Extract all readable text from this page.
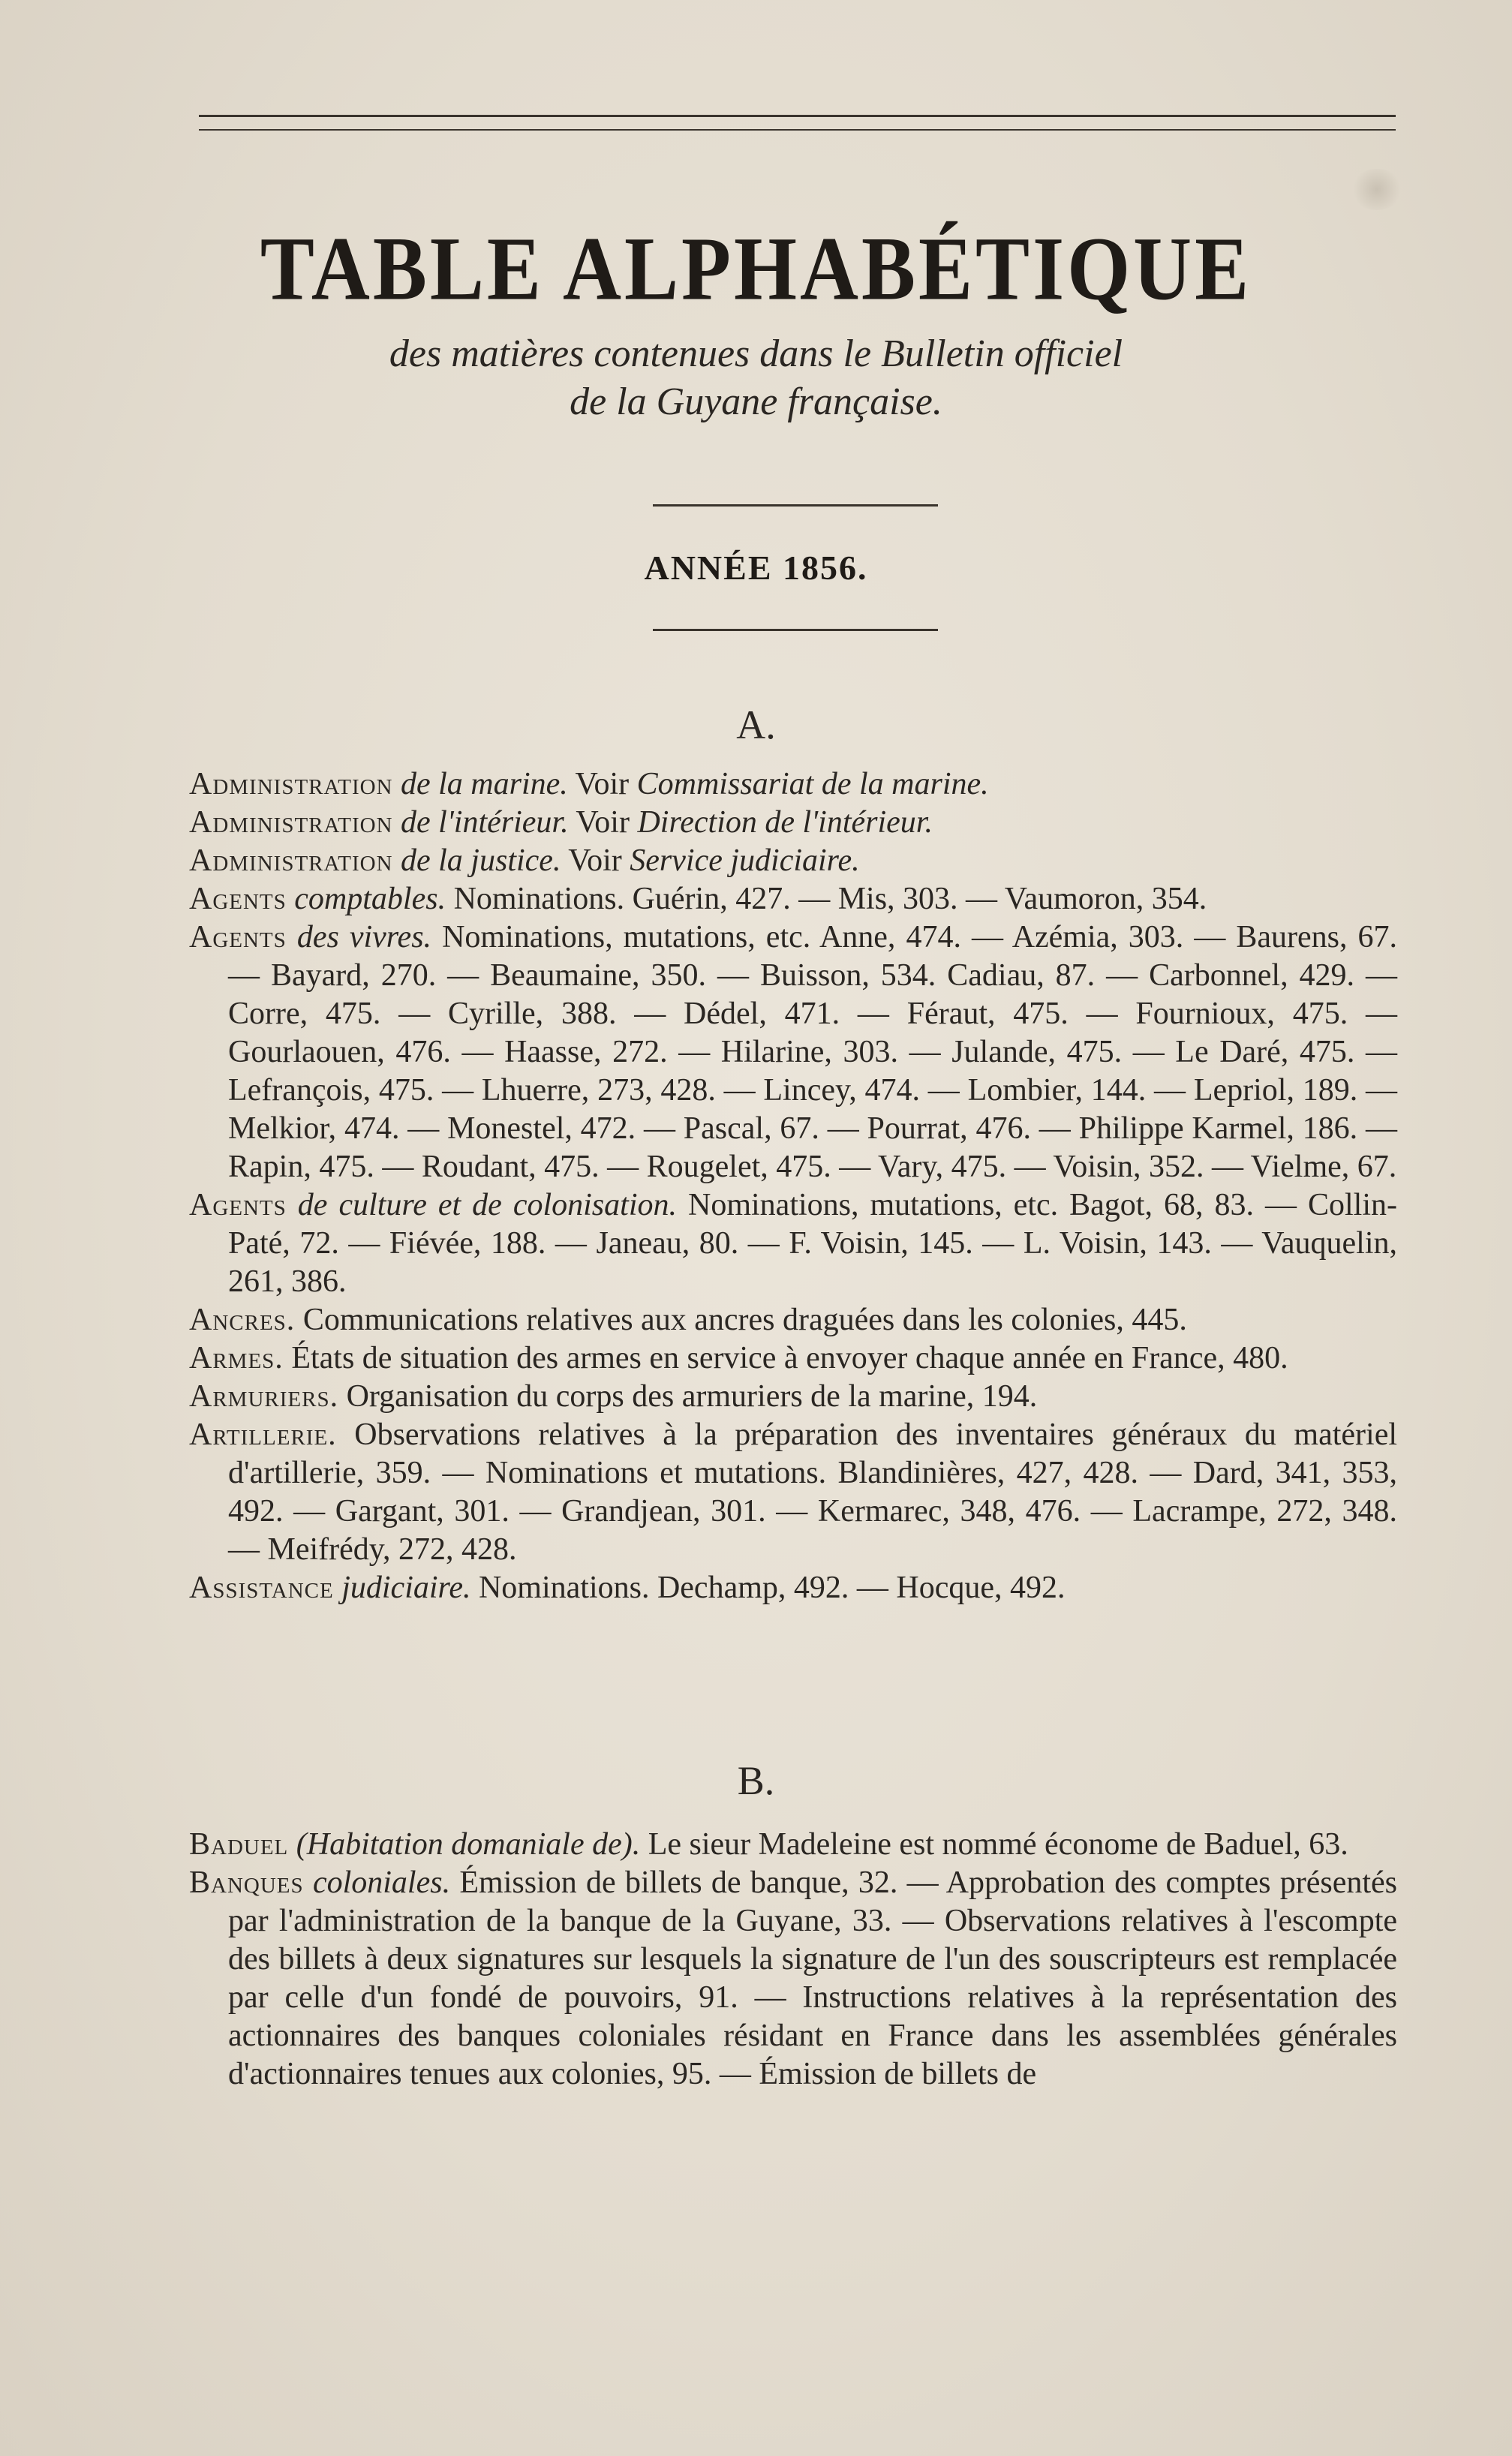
TABLE ALPHABÉTIQUE
des matières contenues dans le Bulletin officiel
de la Guyane française.
ANNÉE 1856.
A.

Administration de la marine. Voir Commissariat de la marine.

Administration de l'intérieur. Voir Direction de l'intérieur.

Administration de la justice. Voir Service judiciaire.

Agents comptables. Nominations. Guérin, 427. — Mis, 303. — Vaumoron, 354.

Agents des vivres. Nominations, mutations, etc. Anne, 474. — Azémia, 303. — Baurens, 67. — Bayard, 270. — Beaumaine, 350. — Buisson, 534. Cadiau, 87. — Carbonnel, 429. — Corre, 475. — Cyrille, 388. — Dédel, 471. — Féraut, 475. — Fournioux, 475. — Gourlaouen, 476. — Haasse, 272. — Hilarine, 303. — Julande, 475. — Le Daré, 475. — Lefrançois, 475. — Lhuerre, 273, 428. — Lincey, 474. — Lombier, 144. — Lepriol, 189. — Melkior, 474. — Monestel, 472. — Pascal, 67. — Pourrat, 476. — Philippe Karmel, 186. — Rapin, 475. — Roudant, 475. — Rougelet, 475. — Vary, 475. — Voisin, 352. — Vielme, 67.

Agents de culture et de colonisation. Nominations, mutations, etc. Bagot, 68, 83. — Collin-Paté, 72. — Fiévée, 188. — Janeau, 80. — F. Voisin, 145. — L. Voisin, 143. — Vauquelin, 261, 386.

Ancres. Communications relatives aux ancres draguées dans les colonies, 445.

Armes. États de situation des armes en service à envoyer chaque année en France, 480.

Armuriers. Organisation du corps des armuriers de la marine, 194.

Artillerie. Observations relatives à la préparation des inventaires généraux du matériel d'artillerie, 359. — Nominations et mutations. Blandinières, 427, 428. — Dard, 341, 353, 492. — Gargant, 301. — Grandjean, 301. — Kermarec, 348, 476. — Lacrampe, 272, 348. — Meifrédy, 272, 428.

Assistance judiciaire. Nominations. Dechamp, 492. — Hocque, 492.

B.

Baduel (Habitation domaniale de). Le sieur Madeleine est nommé économe de Baduel, 63.

Banques coloniales. Émission de billets de banque, 32. — Approbation des comptes présentés par l'administration de la banque de la Guyane, 33. — Observations relatives à l'escompte des billets à deux signatures sur lesquels la signature de l'un des souscripteurs est remplacée par celle d'un fondé de pouvoirs, 91. — Instructions relatives à la représentation des actionnaires des banques coloniales résidant en France dans les assemblées générales d'actionnaires tenues aux colonies, 95. — Émission de billets de
